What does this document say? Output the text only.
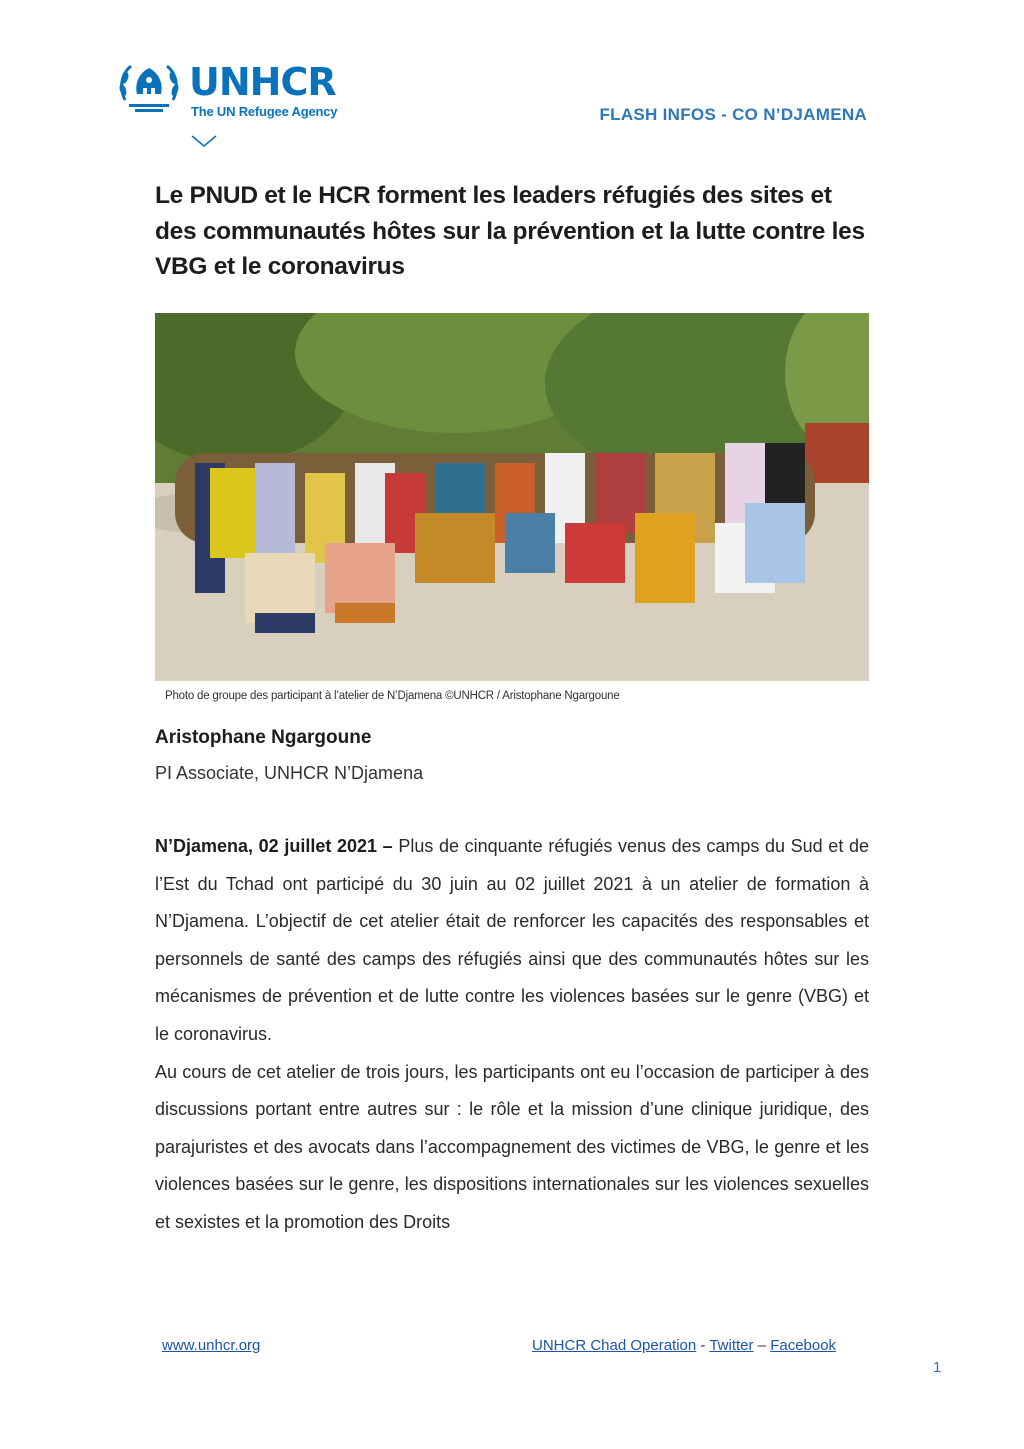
UNHCR
The UN Refugee Agency	FLASH INFOS - CO N’DJAMENA
Le PNUD et le HCR forment les leaders réfugiés des sites et des communautés hôtes sur la prévention et la lutte contre les VBG et le coronavirus
Photo de groupe des participant à l’atelier de N’Djamena ©UNHCR / Aristophane Ngargoune
Aristophane Ngargoune
PI Associate, UNHCR N’Djamena

N’Djamena, 02 juillet 2021 – Plus de cinquante réfugiés venus des camps du Sud et de l’Est du Tchad ont participé du 30 juin au 02 juillet 2021 à un atelier de formation à N’Djamena. L’objectif de cet atelier était de renforcer les capacités des responsables et personnels de santé des camps des réfugiés ainsi que des communautés hôtes sur les mécanismes de prévention et de lutte contre les violences basées sur le genre (VBG) et le coronavirus.

Au cours de cet atelier de trois jours, les participants ont eu l’occasion de participer à des discussions portant entre autres sur : le rôle et la mission d’une clinique juridique, des parajuristes et des avocats dans l’accompagnement des victimes de VBG, le genre et les violences basées sur le genre, les dispositions internationales sur les violences sexuelles et sexistes et la promotion des Droits

www.unhcr.org	UNHCR Chad Operation - Twitter – Facebook
1
